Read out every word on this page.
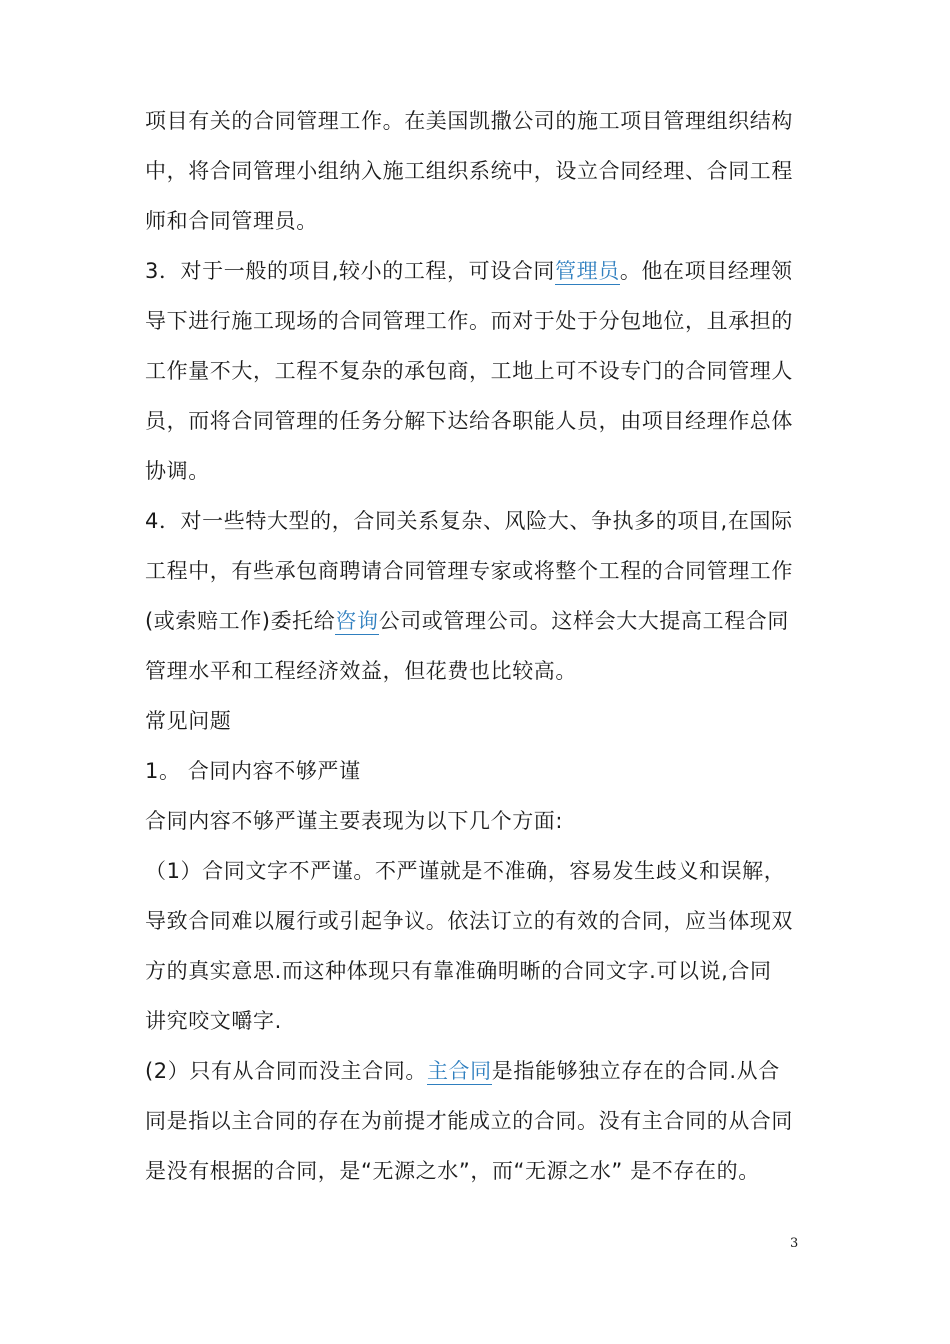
项目有关的合同管理工作。在美国凯撒公司的施工项目管理组织结构
中，将合同管理小组纳入施工组织系统中，设立合同经理、合同工程
师和合同管理员。
3．对于一般的项目,较小的工程，可设合同管理员。他在项目经理领
导下进行施工现场的合同管理工作。而对于处于分包地位，且承担的
工作量不大，工程不复杂的承包商，工地上可不设专门的合同管理人
员，而将合同管理的任务分解下达给各职能人员，由项目经理作总体
协调。
4．对一些特大型的，合同关系复杂、风险大、争执多的项目,在国际
工程中，有些承包商聘请合同管理专家或将整个工程的合同管理工作
(或索赔工作)委托给咨询公司或管理公司。这样会大大提高工程合同
管理水平和工程经济效益，但花费也比较高。
常见问题
1。 合同内容不够严谨
合同内容不够严谨主要表现为以下几个方面:
（1）合同文字不严谨。不严谨就是不准确，容易发生歧义和误解，
导致合同难以履行或引起争议。依法订立的有效的合同，应当体现双
方的真实意思.而这种体现只有靠准确明晰的合同文字.可以说,合同
讲究咬文嚼字.
(2）只有从合同而没主合同。主合同是指能够独立存在的合同.从合
同是指以主合同的存在为前提才能成立的合同。没有主合同的从合同
是没有根据的合同，是“无源之水”，而“无源之水” 是不存在的。
3
